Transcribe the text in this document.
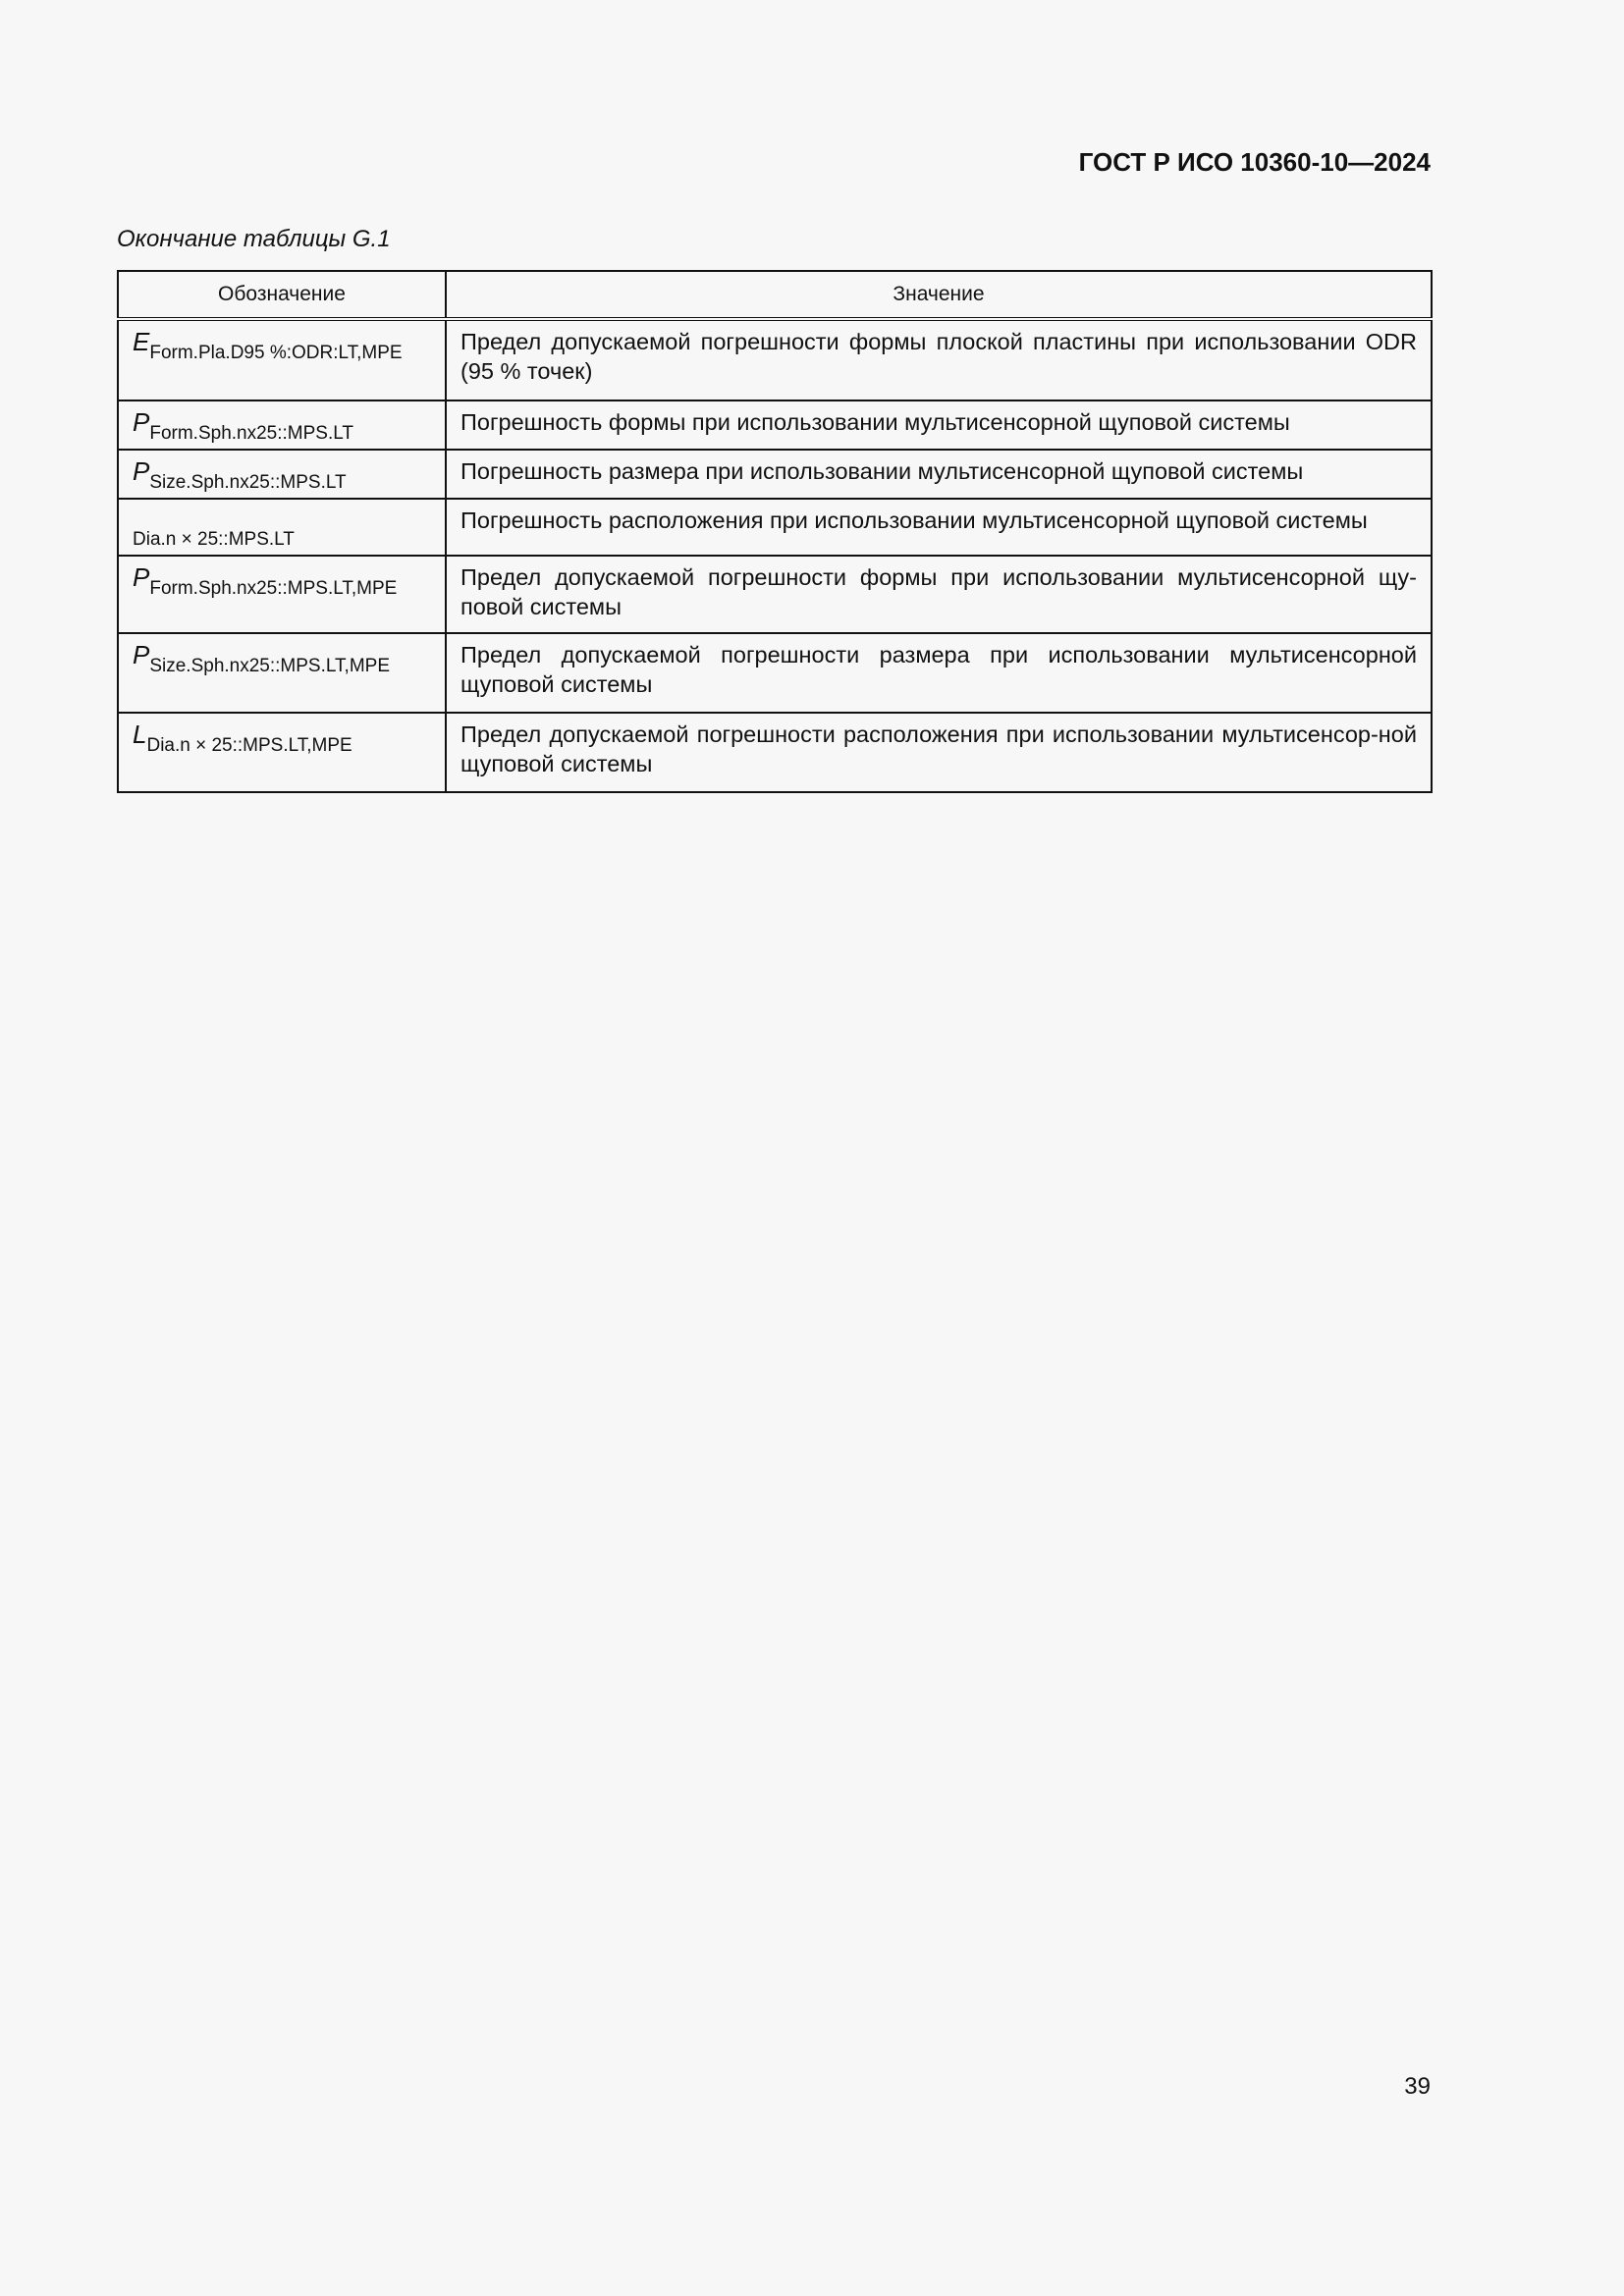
ГОСТ Р ИСО 10360-10—2024
Окончание таблицы G.1
Обозначение	Значение
$E_{Form.Pla.D95 \%:ODR:LT,MPE}$	Предел допускаемой погрешности формы плоской пластины при использовании ODR (95 % точек)
$P_{Form.Sph.nx25::MPS.LT}$	Погрешность формы при использовании мультисенсорной щуповой системы
$P_{Size.Sph.nx25::MPS.LT}$	Погрешность размера при использовании мультисенсорной щуповой системы
$_{Dia.n \times 25::MPS.LT}$	Погрешность расположения при использовании мультисенсорной щуповой системы
$P_{Form.Sph.nx25::MPS.LT,MPE}$	Предел допускаемой погрешности формы при использовании мультисенсорной щу-повой системы
$P_{Size.Sph.nx25::MPS.LT,MPE}$	Предел допускаемой погрешности размера при использовании мультисенсорной щуповой системы
$L_{Dia.n \times 25::MPS.LT,MPE}$	Предел допускаемой погрешности расположения при использовании мультисенсор-ной щуповой системы
39
